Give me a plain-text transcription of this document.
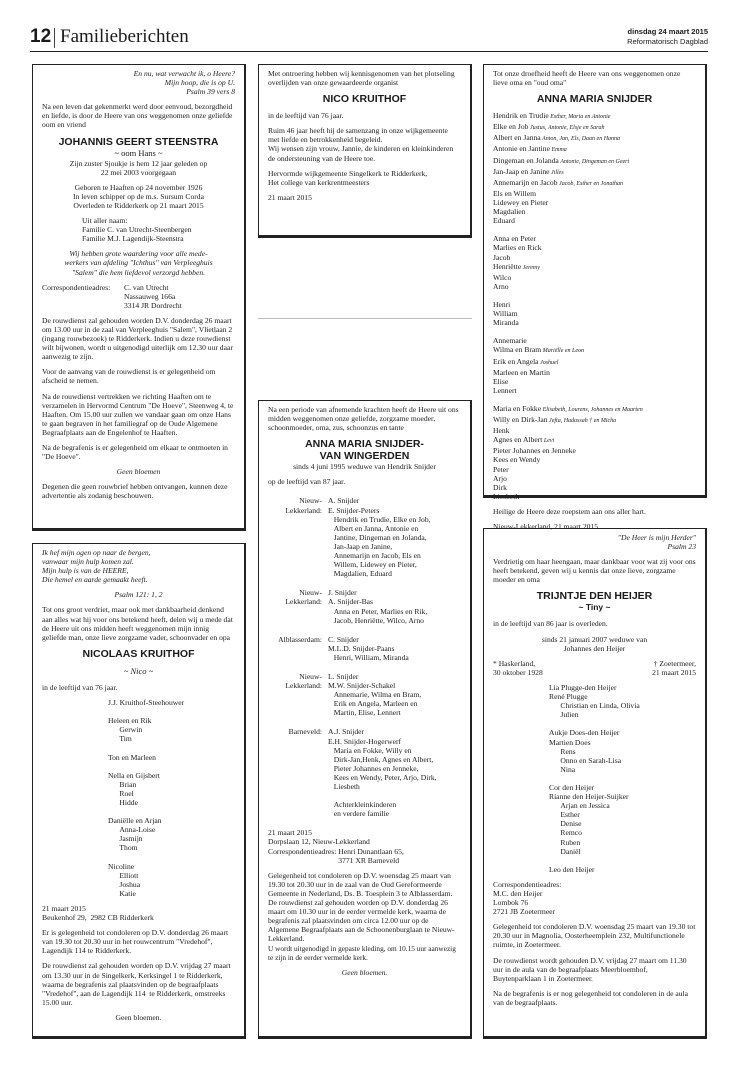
12 Familieberichten	dinsdag 24 maart 2015
Reformatorisch Dagblad

En nu, wat verwacht ik, o Heere?
Mijn hoop, die is op U.
Psalm 39 vers 8

Na een leven dat gekenmerkt werd door eenvoud, bezorgdheid en liefde, is door de Heere van ons weggenomen onze geliefde oom en vriend

JOHANNIS GEERT STEENSTRA
~ oom Hans ~

Zijn zuster Sjoukje is hem 12 jaar geleden op
22 mei 2003 voorgegaan

Geboren te Haaften op 24 november 1926
In leven schipper op de m.s. Sursum Corda
Overleden te Ridderkerk op 21 maart 2015

Uit aller naam:
Familie C. van Utrecht-Steenbergen
Familie M.J. Lagendijk-Steenstra

Wij hebben grote waardering voor alle mede-
werkers van afdeling "Ichthus" van Verpleeghuis
"Salem" die hem liefdevol verzorgd hebben.

Correspondentieadres:	C. van Utrecht
Nassauweg 166a
3314 JR Dordrecht

De rouwdienst zal gehouden worden D.V. donderdag 26 maart om 13.00 uur in de zaal van Verpleeghuis "Salem", Vlietlaan 2 (ingang rouwbezoek) te Ridderkerk. Indien u deze rouwdienst wilt bijwonen, wordt u uitgenodigd uiterlijk om 12.30 uur daar aanwezig te zijn.

Voor de aanvang van de rouwdienst is er gelegenheid om afscheid te nemen.

Na de rouwdienst vertrekken we richting Haaften om te verzamelen in Hervormd Centrum "De Hoeve", Steenweg 4, te Haaften. Om 15.00 uur zullen we vandaar gaan om onze Hans te gaan begraven in het familiegraf op de Oude Algemene Begraafplaats aan de Engelenhof te Haaften.

Na de begrafenis is er gelegenheid om elkaar te ontmoeten in "De Hoeve".

Geen bloemen

Degenen die geen rouwbrief hebben ontvangen, kunnen deze advertentie als zodanig beschouwen.

Ik hef mijn ogen op naar de bergen,
vanwaar mijn hulp komen zal.
Mijn hulp is van de HEERE,
Die hemel en aarde gemaakt heeft.

Psalm 121: 1, 2

Tot ons groot verdriet, maar ook met dankbaarheid denkend aan alles wat hij voor ons betekend heeft, delen wij u mede dat de Heere uit ons midden heeft weggenomen mijn innig geliefde man, onze lieve zorgzame vader, schoonvader en opa

NICOLAAS KRUITHOF
~ Nico ~

in de leeftijd van 76 jaar.

J.J. Kruithof-Steehouwer

Heleen en Rik
Gerwin
Tim

Ton en Marleen

Nella en Gijsbert
Brian
Roel
Hidde

Daniëlle en Arjan
Anna-Loise
Jasmijn
Thom

Nicoline
Elliott
Joshua
Katie

21 maart 2015
Beukenhof 29,  2982 CB Ridderkerk

Er is gelegenheid tot condoleren op D.V. donderdag 26 maart van 19.30 tot 20.30 uur in het rouwcentrum "Vredehof", Lagendijk 114 te Ridderkerk.

De rouwdienst zal gehouden worden op D.V. vrijdag 27 maart om 13.30 uur in de Singelkerk, Kerksingel 1 te Ridderkerk, waarna de begrafenis zal plaatsvinden op de begraafplaats "Vredehof", aan de Lagendijk 114  te Ridderkerk, omstreeks 15.00 uur.

Geen bloemen.

Met ontroering hebben wij kennisgenomen van het plotseling overlijden van onze gewaardeerde organist

NICO KRUITHOF

in de leeftijd van 76 jaar.

Ruim 46 jaar heeft hij de samenzang in onze wijkgemeente met liefde en betrokkenheid begeleid.
Wij wensen zijn vrouw, Jannie, de kinderen en kleinkinderen de ondersteuning van de Heere toe.

Hervormde wijkgemeente Singelkerk te Ridderkerk,
Het college van kerkrentmeesters

21 maart 2015

Na een periode van afnemende krachten heeft de Heere uit ons midden weggenomen onze geliefde, zorgzame moeder, schoonmoeder, oma, zus, schoonzus en tante

ANNA MARIA SNIJDER-
VAN WINGERDEN

sinds 4 juni 1995 weduwe van Hendrik Snijder

op de leeftijd van 87 jaar.

Nieuw-
Lekkerland:
A. Snijder
E. Snijder-Peters
Hendrik en Trudie, Elke en Job,
Albert en Janna, Antonie en
Jantine, Dingeman en Jolanda,
Jan-Jaap en Janine,
Annemarijn en Jacob, Els en
Willem, Lidewey en Pieter,
Magdalien, Eduard
Nieuw-
Lekkerland:
J. Snijder
A. Snijder-Bas
Anna en Peter, Marlies en Rik,
Jacob, Henriëtte, Wilco, Arno
Alblasserdam: C. Snijder
M.L.D. Snijder-Paans
Henri, William, Miranda
Nieuw-
Lekkerland:
L. Snijder
M.W. Snijder-Schakel
Annemarie, Wilma en Bram,
Erik en Angela, Marleen en
Martin, Elise, Lennert
Barneveld: A.J. Snijder
E.H. Snijder-Hogerwerf
Maria en Fokke, Willy en
Dirk-Jan,Henk, Agnes en Albert,
Pieter Johannes en Jenneke,
Kees en Wendy, Peter, Arjo, Dirk,
Liesbeth

Achterkleinkinderen
en verdere familie

21 maart 2015
Dorpslaan 12, Nieuw-Lekkerland
Correspondentieadres: Henri Dunantlaan 65,
3771 XR Barneveld

Gelegenheid tot condoleren op D.V. woensdag 25 maart van 19.30 tot 20.30 uur in de zaal van de Oud Gereformeerde Gemeente in Nederland, Ds. B. Toesplein 3 te Alblasserdam.

De rouwdienst zal gehouden worden op D.V. donderdag 26 maart om 10.30 uur in de eerder vermelde kerk, waarna de begrafenis zal plaatsvinden om circa 12.00 uur op de Algemene Begraafplaats aan de Schoonenburglaan te Nieuw-Lekkerland.

U wordt uitgenodigd in gepaste kleding, om 10.15 uur aanwezig te zijn in de eerder vermelde kerk.

Geen bloemen.

Tot onze droefheid heeft de Heere van ons weggenomen onze lieve oma en "oud oma"

ANNA MARIA SNIJDER
Hendrik en Trudie Esther, Maria en Antonie
Elke en Job Justus, Antonie, Elsje en Sarah
Albert en Janna Anton, Jan, Els, Daan en Hanna
Antonie en Jantine Emma
Dingeman en Jolanda Antonie, Dingeman en Geert
Jan-Jaap en Janine Jilles
Annemarijn en Jacob Jacob, Esther en Jonathan
Els en Willem
Lidewey en Pieter
Magdalien
Eduard
Anna en Peter
Marlies en Rick
Jacob
Henriëtte Jeremy
Wilco
Arno
Henri
William
Miranda
Annemarie
Wilma en Bram Mariëlle en Leon
Erik en Angela Joshuel
Marleen en Martin
Elise
Lennert
Maria en Fokke Elisabeth, Lourens, Johannes en Maarten
Willy en Dirk-Jan Jefta, Hadassah † en Micha
Henk
Agnes en Albert Levi
Pieter Johannes en Jenneke
Kees en Wendy
Peter
Arjo
Dirk
Liesbeth

Heilige de Heere deze roepstem aan ons aller hart.

Nieuw-Lekkerland, 21 maart 2015

"De Heer is mijn Herder"
Psalm 23

Verdrietig om haar heengaan, maar dankbaar voor wat zij voor ons heeft betekend, geven wij u kennis dat onze lieve, zorgzame moeder en oma

TRIJNTJE DEN HEIJER
~ Tiny ~

in de leeftijd van 86 jaar is overleden.

sinds 21 januari 2007 weduwe van
Johannes den Heijer

* Haskerland,
30 oktober 1928
† Zoetermeer,
21 maart 2015

Lia Plugge-den Heijer
René Plugge
Christian en Linda, Olivia
Julien

Aukje Does-den Heijer
Martien Does
Rens
Onno en Sarah-Lisa
Nina

Cor den Heijer
Rianne den Heijer-Suijker
Arjan en Jessica
Esther
Denise
Remco
Ruben
Daniël

Leo den Heijer

Correspondentieadres:
M.C. den Heijer
Lombok 76
2721 JB Zoetermeer

Gelegenheid tot condoleren D.V. woensdag 25 maart van 19.30 tot 20.30 uur in Magnolia, Oosterheemplein 232, Multifunctionele ruimte, in Zoetermeer.

De rouwdienst wordt gehouden D.V. vrijdag 27 maart om 11.30 uur in de aula van de begraafplaats Meerbloemhof, Buytenparklaan 1 in Zoetermeer.

Na de begrafenis is er nog gelegenheid tot condoleren in de aula van de begraafplaats.
